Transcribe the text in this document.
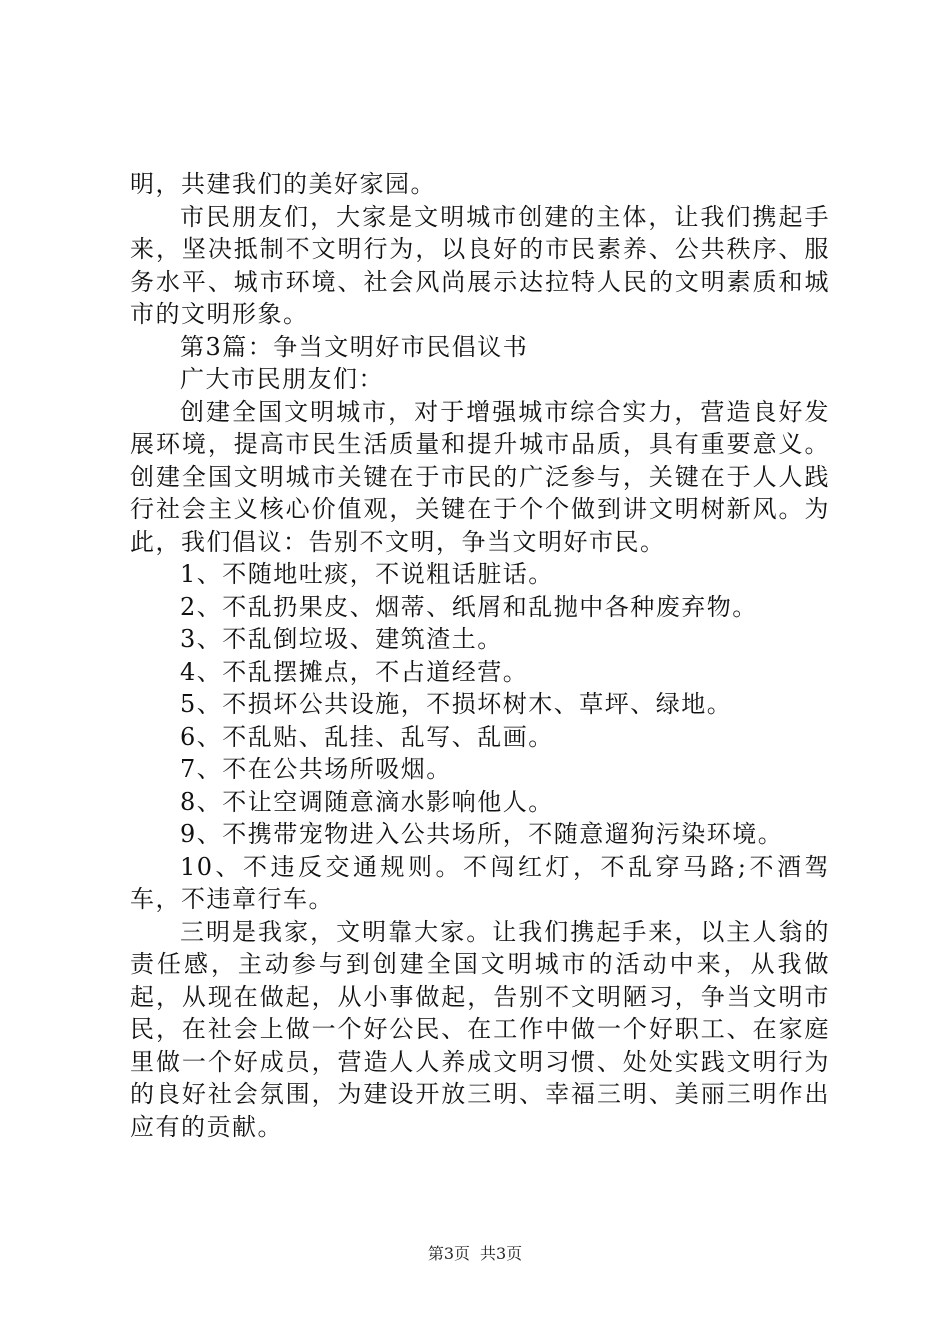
明，共建我们的美好家园。

市民朋友们，大家是文明城市创建的主体，让我们携起手来，坚决抵制不文明行为，以良好的市民素养、公共秩序、服务水平、城市环境、社会风尚展示达拉特人民的文明素质和城市的文明形象。

第3篇：争当文明好市民倡议书

广大市民朋友们：

创建全国文明城市，对于增强城市综合实力，营造良好发展环境，提高市民生活质量和提升城市品质，具有重要意义。创建全国文明城市关键在于市民的广泛参与，关键在于人人践行社会主义核心价值观，关键在于个个做到讲文明树新风。为此，我们倡议：告别不文明，争当文明好市民。

1、不随地吐痰，不说粗话脏话。

2、不乱扔果皮、烟蒂、纸屑和乱抛中各种废弃物。

3、不乱倒垃圾、建筑渣土。

4、不乱摆摊点，不占道经营。

5、不损坏公共设施，不损坏树木、草坪、绿地。

6、不乱贴、乱挂、乱写、乱画。

7、不在公共场所吸烟。

8、不让空调随意滴水影响他人。

9、不携带宠物进入公共场所，不随意遛狗污染环境。

10、不违反交通规则。不闯红灯，不乱穿马路;不酒驾车，不违章行车。

三明是我家，文明靠大家。让我们携起手来，以主人翁的责任感，主动参与到创建全国文明城市的活动中来，从我做起，从现在做起，从小事做起，告别不文明陋习，争当文明市民，在社会上做一个好公民、在工作中做一个好职工、在家庭里做一个好成员，营造人人养成文明习惯、处处实践文明行为的良好社会氛围，为建设开放三明、幸福三明、美丽三明作出应有的贡献。

第3页 共3页
